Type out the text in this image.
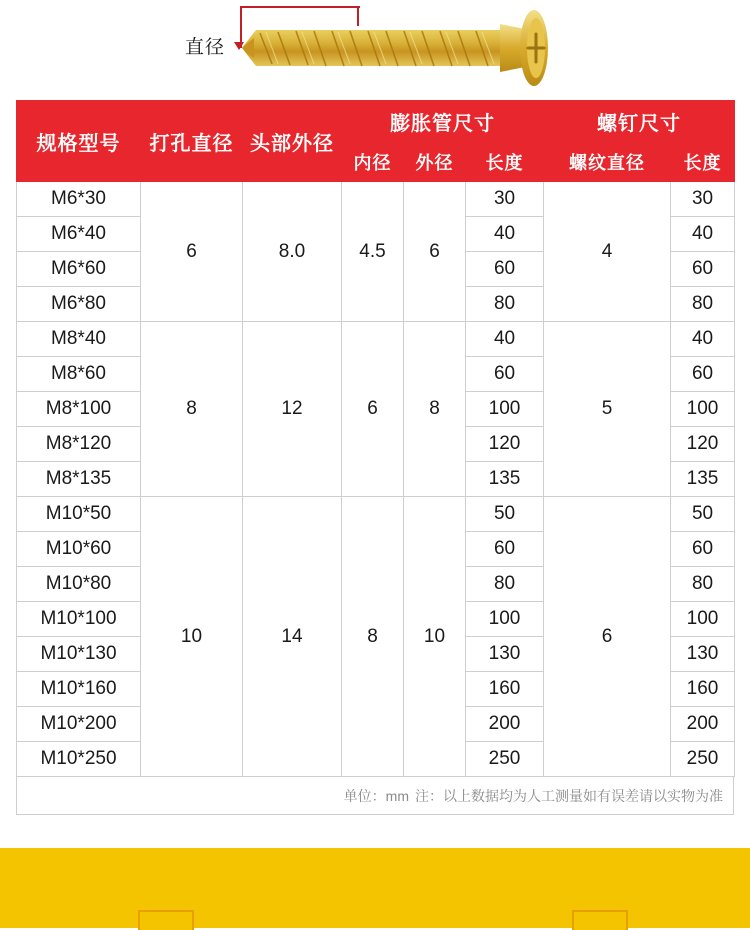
直径
规格型号	打孔直径	头部外径	膨胀管尺寸			螺钉尺寸	
			内径	外径	长度	螺纹直径	长度
M6*30	6	8.0	4.5	6	30	4	30
M6*40					40		40
M6*60					60		60
M6*80					80		80
M8*40	8	12	6	8	40	5	40
M8*60					60		60
M8*100					100		100
M8*120					120		120
M8*135					135		135
M10*50	10	14	8	10	50	6	50
M10*60					60		60
M10*80					80		80
M10*100					100		100
M10*130					130		130
M10*160					160		160
M10*200					200		200
M10*250					250		250
单位：mm 注：以上数据均为人工测量如有误差请以实物为准
